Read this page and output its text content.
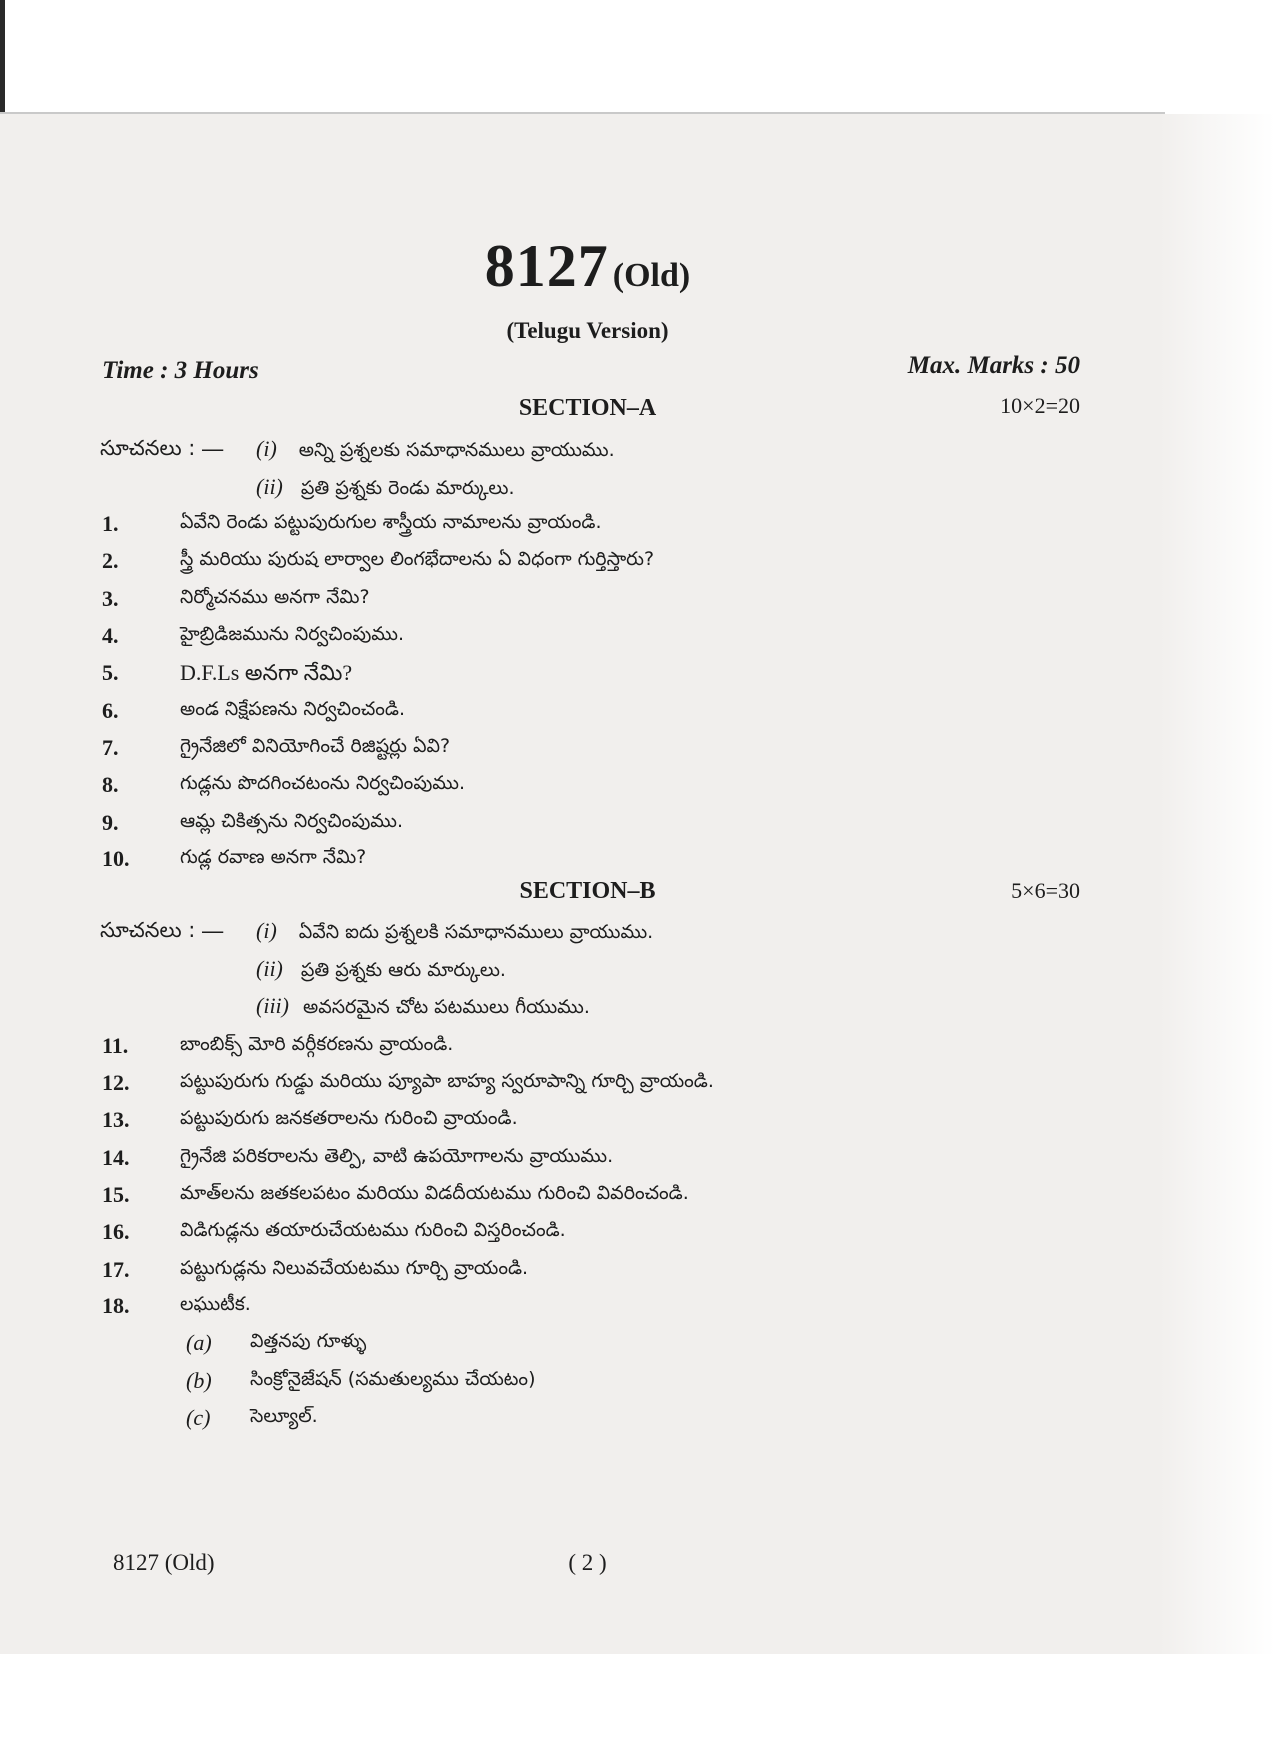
8127 (Old)
(Telugu Version)
Time : 3 Hours	Max. Marks : 50
SECTION–A	10×2=20
సూచనలు : — (i) అన్ని ప్రశ్నలకు సమాధానములు వ్రాయుము.
(ii) ప్రతి ప్రశ్నకు రెండు మార్కులు.
1.	ఏవేని రెండు పట్టుపురుగుల శాస్త్రీయ నామాలను వ్రాయండి.
2.	స్త్రీ మరియు పురుష లార్వాల లింగభేదాలను ఏ విధంగా గుర్తిస్తారు?
3.	నిర్మోచనము అనగా నేమి?
4.	హైబ్రిడిజమును నిర్వచింపుము.
5.	D.F.Ls అనగా నేమి?
6.	అండ నిక్షేపణను నిర్వచించండి.
7.	గ్రైనేజిలో వినియోగించే రిజిష్టర్లు ఏవి?
8.	గుడ్లను పొదగించటంను నిర్వచింపుము.
9.	ఆమ్ల చికిత్సను నిర్వచింపుము.
10.	గుడ్ల రవాణ అనగా నేమి?
SECTION–B	5×6=30
సూచనలు : — (i) ఏవేని ఐదు ప్రశ్నలకి సమాధానములు వ్రాయుము.
(ii) ప్రతి ప్రశ్నకు ఆరు మార్కులు.
(iii) అవసరమైన చోట పటములు గీయుము.
11.	బాంబిక్స్ మోరి వర్గీకరణను వ్రాయండి.
12.	పట్టుపురుగు గుడ్డు మరియు ప్యూపా బాహ్య స్వరూపాన్ని గూర్చి వ్రాయండి.
13.	పట్టుపురుగు జనకతరాలను గురించి వ్రాయండి.
14.	గ్రైనేజి పరికరాలను తెల్పి, వాటి ఉపయోగాలను వ్రాయుము.
15.	మాత్‌లను జతకలపటం మరియు విడదీయటము గురించి వివరించండి.
16.	విడిగుడ్లను తయారుచేయటము గురించి విస్తరించండి.
17.	పట్టుగుడ్లను నిలువచేయటము గూర్చి వ్రాయండి.
18.	లఘుటీక.
(a) విత్తనపు గూళ్ళు
(b) సింక్రోనైజేషన్ (సమతుల్యము చేయటం)
(c) సెల్యూల్.
8127 (Old)	( 2 )
